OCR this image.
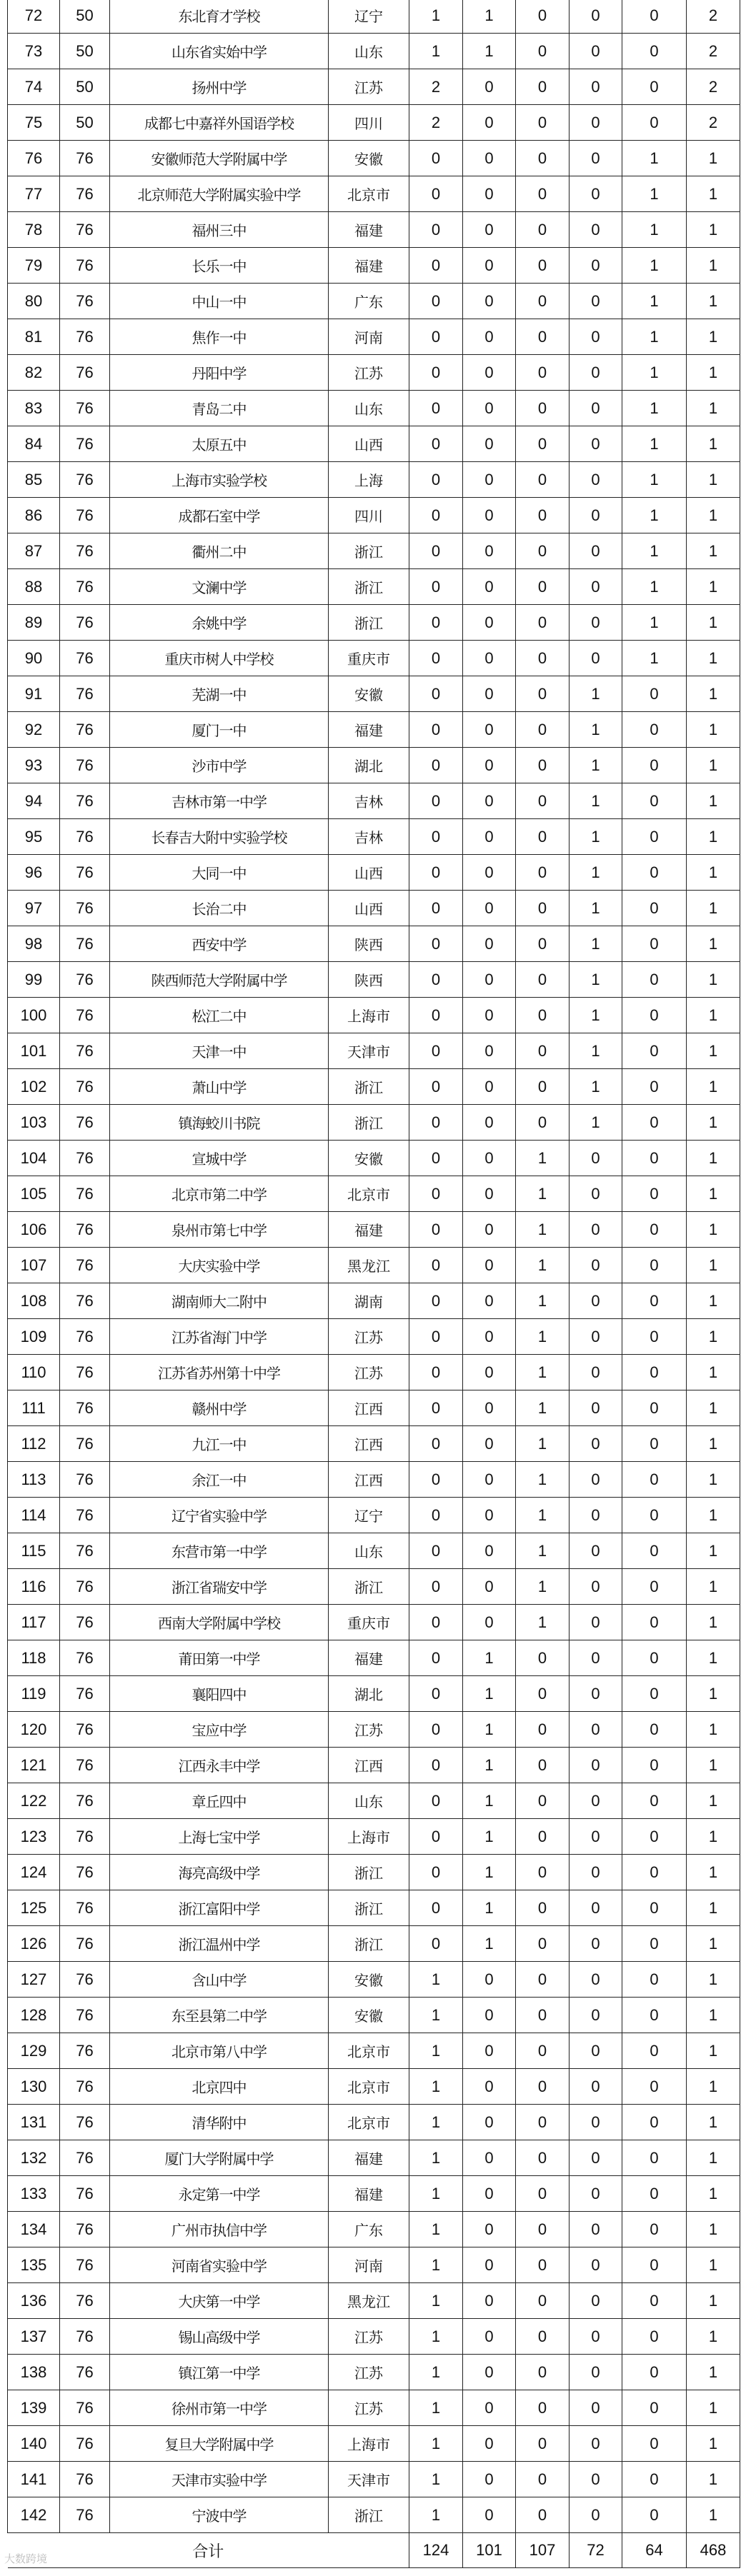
72	50	东北育才学校	辽宁	1	1	0	0	0	2
73	50	山东省实始中学	山东	1	1	0	0	0	2
74	50	扬州中学	江苏	2	0	0	0	0	2
75	50	成都七中嘉祥外国语学校	四川	2	0	0	0	0	2
76	76	安徽师范大学附属中学	安徽	0	0	0	0	1	1
77	76	北京师范大学附属实验中学	北京市	0	0	0	0	1	1
78	76	福州三中	福建	0	0	0	0	1	1
79	76	长乐一中	福建	0	0	0	0	1	1
80	76	中山一中	广东	0	0	0	0	1	1
81	76	焦作一中	河南	0	0	0	0	1	1
82	76	丹阳中学	江苏	0	0	0	0	1	1
83	76	青岛二中	山东	0	0	0	0	1	1
84	76	太原五中	山西	0	0	0	0	1	1
85	76	上海市实验学校	上海	0	0	0	0	1	1
86	76	成都石室中学	四川	0	0	0	0	1	1
87	76	衢州二中	浙江	0	0	0	0	1	1
88	76	文澜中学	浙江	0	0	0	0	1	1
89	76	余姚中学	浙江	0	0	0	0	1	1
90	76	重庆市树人中学校	重庆市	0	0	0	0	1	1
91	76	芜湖一中	安徽	0	0	0	1	0	1
92	76	厦门一中	福建	0	0	0	1	0	1
93	76	沙市中学	湖北	0	0	0	1	0	1
94	76	吉林市第一中学	吉林	0	0	0	1	0	1
95	76	长春吉大附中实验学校	吉林	0	0	0	1	0	1
96	76	大同一中	山西	0	0	0	1	0	1
97	76	长治二中	山西	0	0	0	1	0	1
98	76	西安中学	陕西	0	0	0	1	0	1
99	76	陕西师范大学附属中学	陕西	0	0	0	1	0	1
100	76	松江二中	上海市	0	0	0	1	0	1
101	76	天津一中	天津市	0	0	0	1	0	1
102	76	萧山中学	浙江	0	0	0	1	0	1
103	76	镇海蛟川书院	浙江	0	0	0	1	0	1
104	76	宣城中学	安徽	0	0	1	0	0	1
105	76	北京市第二中学	北京市	0	0	1	0	0	1
106	76	泉州市第七中学	福建	0	0	1	0	0	1
107	76	大庆实验中学	黑龙江	0	0	1	0	0	1
108	76	湖南师大二附中	湖南	0	0	1	0	0	1
109	76	江苏省海门中学	江苏	0	0	1	0	0	1
110	76	江苏省苏州第十中学	江苏	0	0	1	0	0	1
111	76	赣州中学	江西	0	0	1	0	0	1
112	76	九江一中	江西	0	0	1	0	0	1
113	76	余江一中	江西	0	0	1	0	0	1
114	76	辽宁省实验中学	辽宁	0	0	1	0	0	1
115	76	东营市第一中学	山东	0	0	1	0	0	1
116	76	浙江省瑞安中学	浙江	0	0	1	0	0	1
117	76	西南大学附属中学校	重庆市	0	0	1	0	0	1
118	76	莆田第一中学	福建	0	1	0	0	0	1
119	76	襄阳四中	湖北	0	1	0	0	0	1
120	76	宝应中学	江苏	0	1	0	0	0	1
121	76	江西永丰中学	江西	0	1	0	0	0	1
122	76	章丘四中	山东	0	1	0	0	0	1
123	76	上海七宝中学	上海市	0	1	0	0	0	1
124	76	海亮高级中学	浙江	0	1	0	0	0	1
125	76	浙江富阳中学	浙江	0	1	0	0	0	1
126	76	浙江温州中学	浙江	0	1	0	0	0	1
127	76	含山中学	安徽	1	0	0	0	0	1
128	76	东至县第二中学	安徽	1	0	0	0	0	1
129	76	北京市第八中学	北京市	1	0	0	0	0	1
130	76	北京四中	北京市	1	0	0	0	0	1
131	76	清华附中	北京市	1	0	0	0	0	1
132	76	厦门大学附属中学	福建	1	0	0	0	0	1
133	76	永定第一中学	福建	1	0	0	0	0	1
134	76	广州市执信中学	广东	1	0	0	0	0	1
135	76	河南省实验中学	河南	1	0	0	0	0	1
136	76	大庆第一中学	黑龙江	1	0	0	0	0	1
137	76	锡山高级中学	江苏	1	0	0	0	0	1
138	76	镇江第一中学	江苏	1	0	0	0	0	1
139	76	徐州市第一中学	江苏	1	0	0	0	0	1
140	76	复旦大学附属中学	上海市	1	0	0	0	0	1
141	76	天津市实验中学	天津市	1	0	0	0	0	1
142	76	宁波中学	浙江	1	0	0	0	0	1
合计				124	101	107	72	64	468
大数跨境
